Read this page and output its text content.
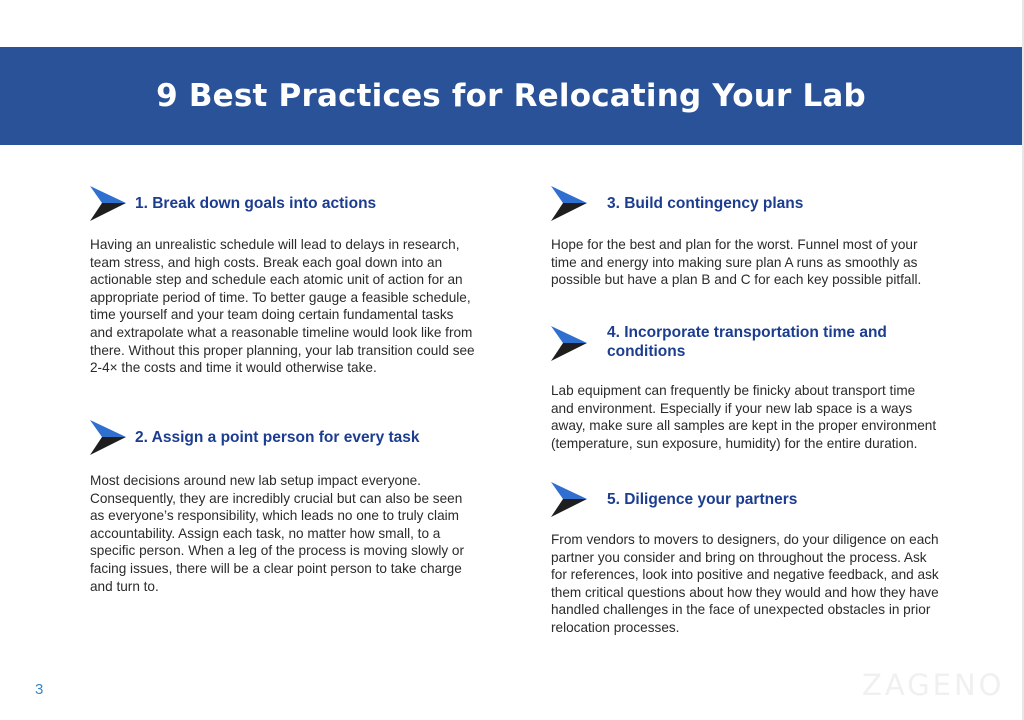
9 Best Practices for Relocating Your Lab
1. Break down goals into actions

Having an unrealistic schedule will lead to delays in research, team stress, and high costs. Break each goal down into an actionable step and schedule each atomic unit of action for an appropriate period of time. To better gauge a feasible schedule, time yourself and your team doing certain fundamental tasks and extrapolate what a reasonable timeline would look like from there. Without this proper planning, your lab transition could see 2-4× the costs and time it would otherwise take.

2. Assign a point person for every task

Most decisions around new lab setup impact everyone. Consequently, they are incredibly crucial but can also be seen as everyone’s responsibility, which leads no one to truly claim accountability. Assign each task, no matter how small, to a specific person. When a leg of the process is moving slowly or facing issues, there will be a clear point person to take charge and turn to.

3. Build contingency plans

Hope for the best and plan for the worst. Funnel most of your time and energy into making sure plan A runs as smoothly as possible but have a plan B and C for each key possible pitfall.

4. Incorporate transportation time and conditions

Lab equipment can frequently be finicky about transport time and environment. Especially if your new lab space is a ways away, make sure all samples are kept in the proper environment (temperature, sun exposure, humidity) for the entire duration.

5. Diligence your partners

From vendors to movers to designers, do your diligence on each partner you consider and bring on throughout the process. Ask for references, look into positive and negative feedback, and ask them critical questions about how they would and how they have handled challenges in the face of unexpected obstacles in prior relocation processes.

3	ZAGENO
